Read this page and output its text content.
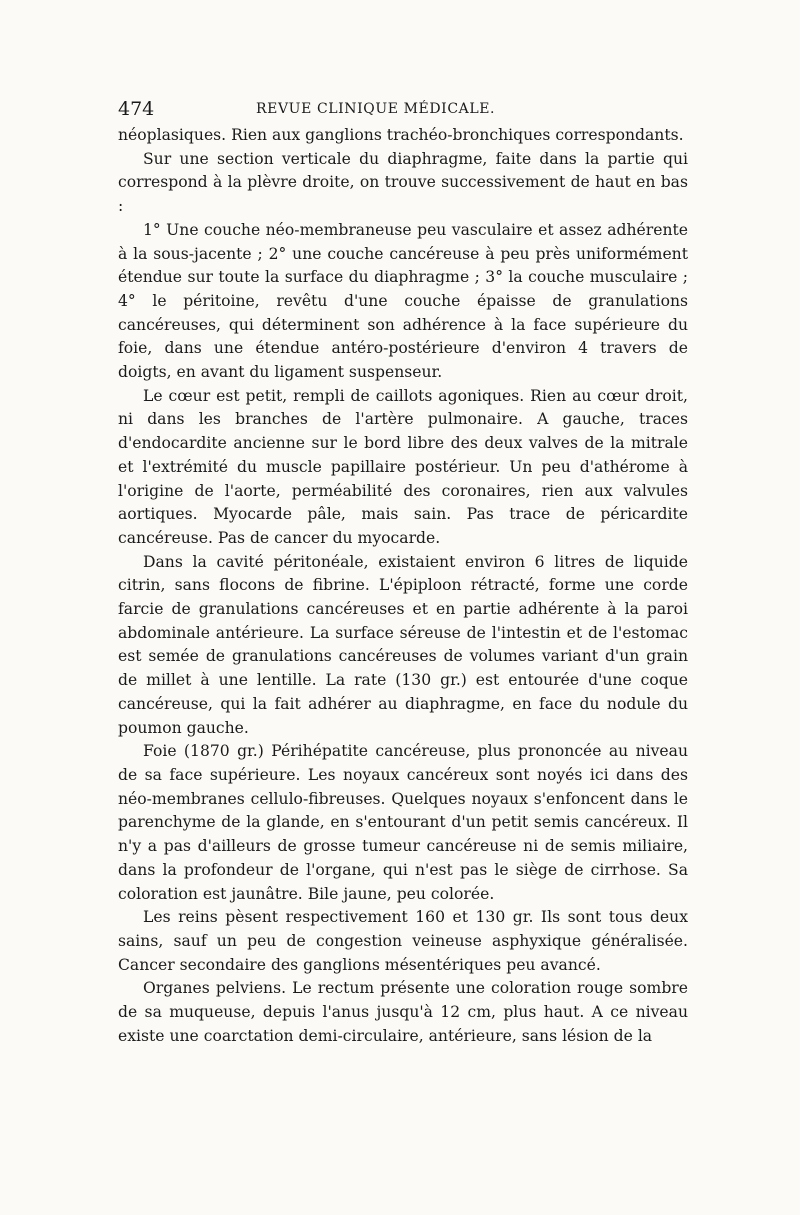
474	REVUE CLINIQUE MÉDICALE.

néoplasiques. Rien aux ganglions trachéo-bronchiques correspondants.

Sur une section verticale du diaphragme, faite dans la partie qui correspond à la plèvre droite, on trouve successivement de haut en bas :

1° Une couche néo-membraneuse peu vasculaire et assez adhérente à la sous-jacente ; 2° une couche cancéreuse à peu près uniformément étendue sur toute la surface du diaphragme ; 3° la couche musculaire ; 4° le péritoine, revêtu d'une couche épaisse de granulations cancéreuses, qui déterminent son adhérence à la face supérieure du foie, dans une étendue antéro-postérieure d'environ 4 travers de doigts, en avant du ligament suspenseur.

Le cœur est petit, rempli de caillots agoniques. Rien au cœur droit, ni dans les branches de l'artère pulmonaire. A gauche, traces d'endocardite ancienne sur le bord libre des deux valves de la mitrale et l'extrémité du muscle papillaire postérieur. Un peu d'athérome à l'origine de l'aorte, perméabilité des coronaires, rien aux valvules aortiques. Myocarde pâle, mais sain. Pas trace de péricardite cancéreuse. Pas de cancer du myocarde.

Dans la cavité péritonéale, existaient environ 6 litres de liquide citrin, sans flocons de fibrine. L'épiploon rétracté, forme une corde farcie de granulations cancéreuses et en partie adhérente à la paroi abdominale antérieure. La surface séreuse de l'intestin et de l'estomac est semée de granulations cancéreuses de volumes variant d'un grain de millet à une lentille. La rate (130 gr.) est entourée d'une coque cancéreuse, qui la fait adhérer au diaphragme, en face du nodule du poumon gauche.

Foie (1870 gr.) Périhépatite cancéreuse, plus prononcée au niveau de sa face supérieure. Les noyaux cancéreux sont noyés ici dans des néo-membranes cellulo-fibreuses. Quelques noyaux s'enfoncent dans le parenchyme de la glande, en s'entourant d'un petit semis cancéreux. Il n'y a pas d'ailleurs de grosse tumeur cancéreuse ni de semis miliaire, dans la profondeur de l'organe, qui n'est pas le siège de cirrhose. Sa coloration est jaunâtre. Bile jaune, peu colorée.

Les reins pèsent respectivement 160 et 130 gr. Ils sont tous deux sains, sauf un peu de congestion veineuse asphyxique généralisée. Cancer secondaire des ganglions mésentériques peu avancé.

Organes pelviens. Le rectum présente une coloration rouge sombre de sa muqueuse, depuis l'anus jusqu'à 12 cm, plus haut. A ce niveau existe une coarctation demi-circulaire, antérieure, sans lésion de la
